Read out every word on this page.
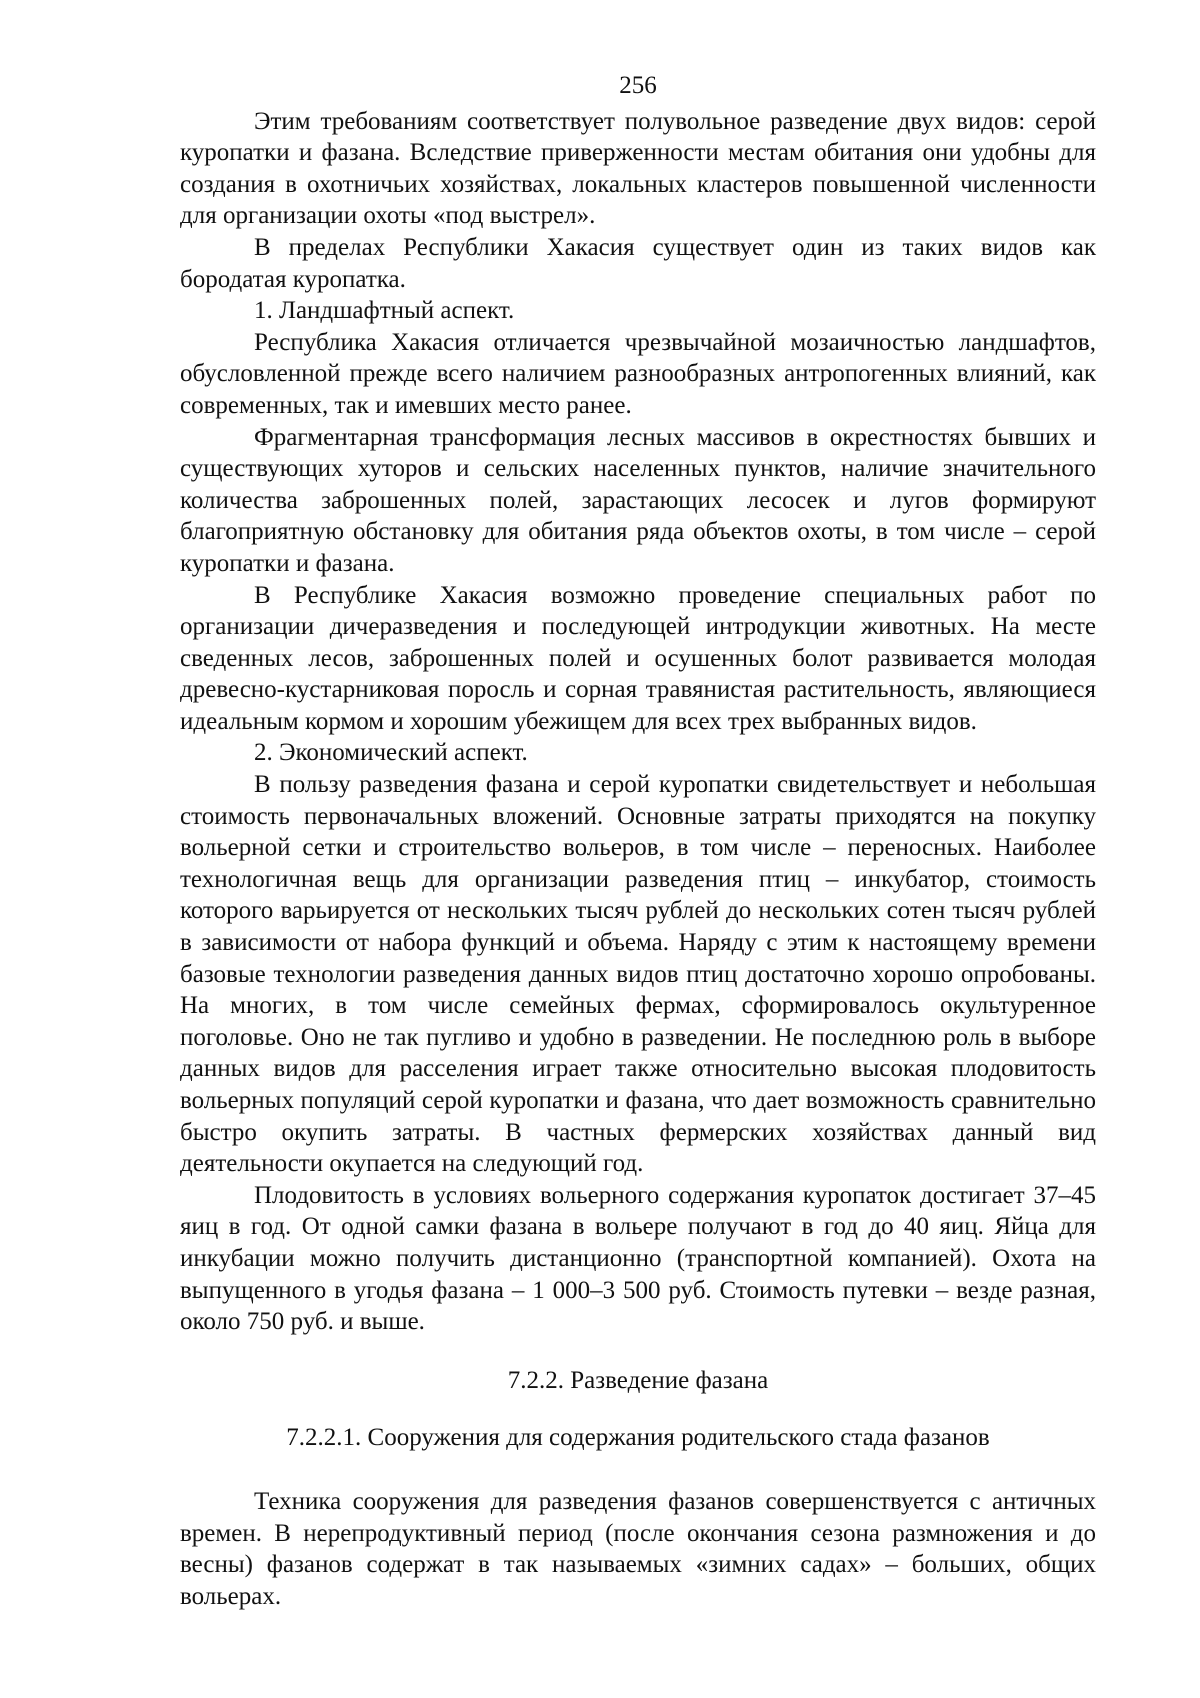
256

Этим требованиям соответствует полувольное разведение двух видов: серой куропатки и фазана. Вследствие приверженности местам обитания они удобны для создания в охотничьих хозяйствах, локальных кластеров повышенной численности для организации охоты «под выстрел».

В пределах Республики Хакасия существует один из таких видов как бородатая куропатка.

1. Ландшафтный аспект.

Республика Хакасия отличается чрезвычайной мозаичностью ландшафтов, обусловленной прежде всего наличием разнообразных антропогенных влияний, как современных, так и имевших место ранее.

Фрагментарная трансформация лесных массивов в окрестностях бывших и существующих хуторов и сельских населенных пунктов, наличие значительного количества заброшенных полей, зарастающих лесосек и лугов формируют благоприятную обстановку для обитания ряда объектов охоты, в том числе – серой куропатки и фазана.

В Республике Хакасия возможно проведение специальных работ по организации дичеразведения и последующей интродукции животных. На месте сведенных лесов, заброшенных полей и осушенных болот развивается молодая древесно-кустарниковая поросль и сорная травянистая растительность, являющиеся идеальным кормом и хорошим убежищем для всех трех выбранных видов.

2. Экономический аспект.

В пользу разведения фазана и серой куропатки свидетельствует и небольшая стоимость первоначальных вложений. Основные затраты приходятся на покупку вольерной сетки и строительство вольеров, в том числе – переносных. Наиболее технологичная вещь для организации разведения птиц – инкубатор, стоимость которого варьируется от нескольких тысяч рублей до нескольких сотен тысяч рублей в зависимости от набора функций и объема. Наряду с этим к настоящему времени базовые технологии разведения данных видов птиц достаточно хорошо опробованы. На многих, в том числе семейных фермах, сформировалось окультуренное поголовье. Оно не так пугливо и удобно в разведении. Не последнюю роль в выборе данных видов для расселения играет также относительно высокая плодовитость вольерных популяций серой куропатки и фазана, что дает возможность сравнительно быстро окупить затраты. В частных фермерских хозяйствах данный вид деятельности окупается на следующий год.

Плодовитость в условиях вольерного содержания куропаток достигает 37–45 яиц в год. От одной самки фазана в вольере получают в год до 40 яиц. Яйца для инкубации можно получить дистанционно (транспортной компанией). Охота на выпущенного в угодья фазана – 1 000–3 500 руб. Стоимость путевки – везде разная, около 750 руб. и выше.

7.2.2. Разведение фазана
7.2.2.1. Сооружения для содержания родительского стада фазанов

Техника сооружения для разведения фазанов совершенствуется с античных времен. В нерепродуктивный период (после окончания сезона размножения и до весны) фазанов содержат в так называемых «зимних садах» – больших, общих вольерах.
